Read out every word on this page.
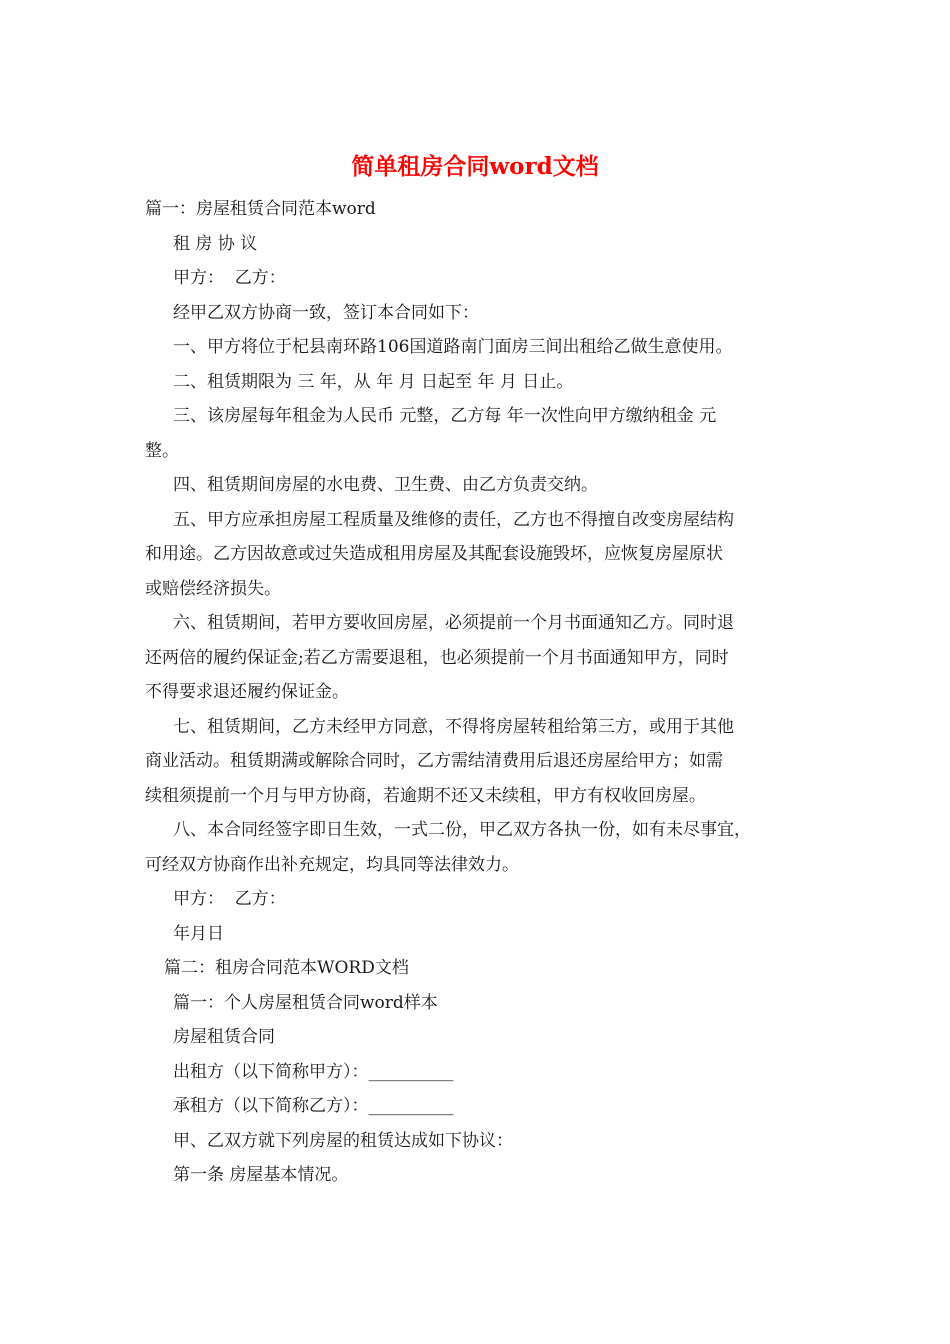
简单租房合同word文档
篇一：房屋租赁合同范本word
租 房 协 议
甲方：  乙方：
经甲乙双方协商一致，签订本合同如下：
一、甲方将位于杞县南环路106国道路南门面房三间出租给乙做生意使用。
二、租赁期限为 三 年，从 年 月 日起至 年 月 日止。
三、该房屋每年租金为人民币 元整，乙方每 年一次性向甲方缴纳租金 元
整。
四、租赁期间房屋的水电费、卫生费、由乙方负责交纳。
五、甲方应承担房屋工程质量及维修的责任，乙方也不得擅自改变房屋结构
和用途。乙方因故意或过失造成租用房屋及其配套设施毁坏，应恢复房屋原状
或赔偿经济损失。
六、租赁期间，若甲方要收回房屋，必须提前一个月书面通知乙方。同时退
还两倍的履约保证金;若乙方需要退租，也必须提前一个月书面通知甲方，同时
不得要求退还履约保证金。
七、租赁期间，乙方未经甲方同意，不得将房屋转租给第三方，或用于其他
商业活动。租赁期满或解除合同时，乙方需结清费用后退还房屋给甲方；如需
续租须提前一个月与甲方协商，若逾期不还又未续租，甲方有权收回房屋。
八、本合同经签字即日生效，一式二份，甲乙双方各执一份，如有未尽事宜，
可经双方协商作出补充规定，均具同等法律效力。
甲方：  乙方：
年月日
篇二：租房合同范本WORD文档
篇一：个人房屋租赁合同word样本
房屋租赁合同
出租方（以下简称甲方）：__________
承租方（以下简称乙方）：__________
甲、乙双方就下列房屋的租赁达成如下协议：
第一条 房屋基本情况。
